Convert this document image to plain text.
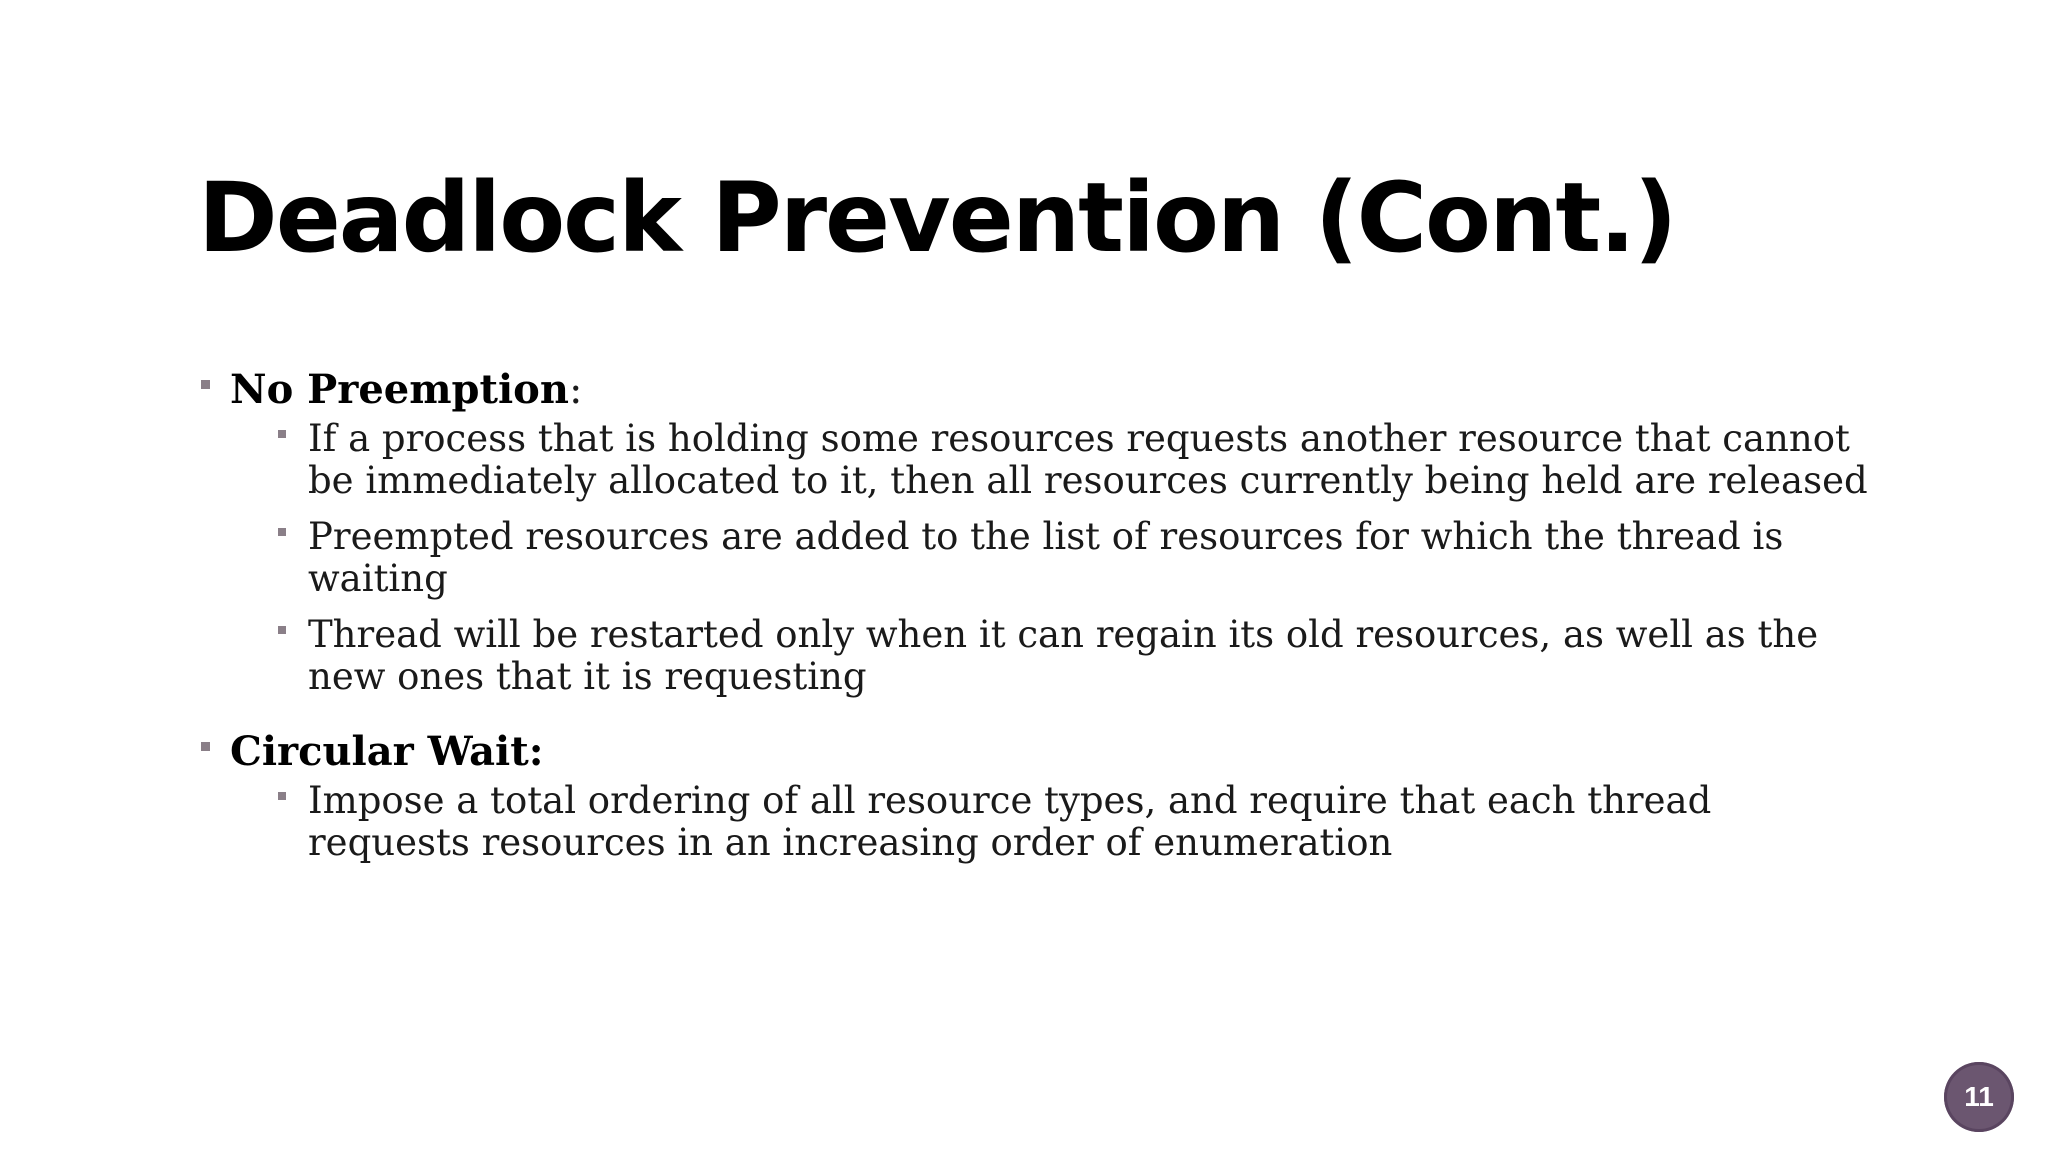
Deadlock Prevention (Cont.)
No Preemption:
If a process that is holding some resources requests another resource that cannot be immediately allocated to it, then all resources currently being held are released
Preempted resources are added to the list of resources for which the thread is waiting
Thread will be restarted only when it can regain its old resources, as well as the new ones that it is requesting
Circular Wait:
Impose a total ordering of all resource types, and require that each thread requests resources in an increasing order of enumeration
11
